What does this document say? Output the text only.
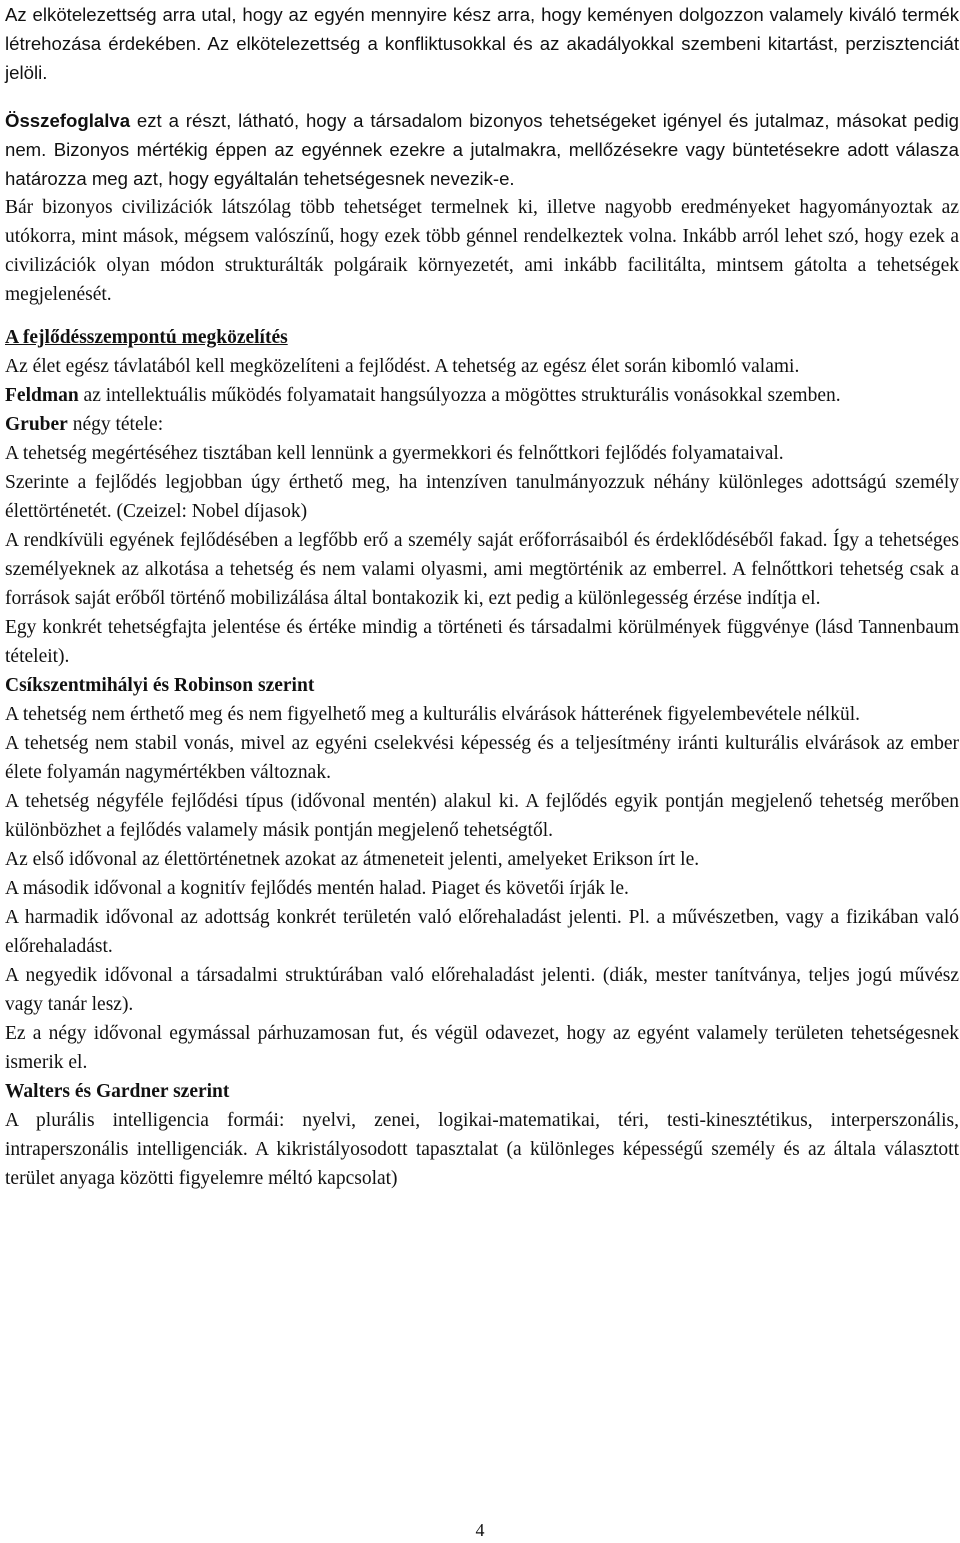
Az elkötelezettség arra utal, hogy az egyén mennyire kész arra, hogy keményen dolgozzon valamely kiváló termék létrehozása érdekében. Az elkötelezettség a konfliktusokkal és az akadályokkal szembeni kitartást, perzisztenciát jelöli.

Összefoglalva ezt a részt, látható, hogy a társadalom bizonyos tehetségeket igényel és jutalmaz, másokat pedig nem. Bizonyos mértékig éppen az egyénnek ezekre a jutalmakra, mellőzésekre vagy büntetésekre adott válasza határozza meg azt, hogy egyáltalán tehetségesnek nevezik-e.

Bár bizonyos civilizációk látszólag több tehetséget termelnek ki, illetve nagyobb eredményeket hagyományoztak az utókorra, mint mások, mégsem valószínű, hogy ezek több génnel rendelkeztek volna. Inkább arról lehet szó, hogy ezek a civilizációk olyan módon strukturálták polgáraik környezetét, ami inkább facilitálta, mintsem gátolta a tehetségek megjelenését.

A fejlődésszempontú megközelítés

Az élet egész távlatából kell megközelíteni a fejlődést. A tehetség az egész élet során kibomló valami.

Feldman az intellektuális működés folyamatait hangsúlyozza a mögöttes strukturális vonásokkal szemben.

Gruber négy tétele:

A tehetség megértéséhez tisztában kell lennünk a gyermekkori és felnőttkori fejlődés folyamataival.

Szerinte a fejlődés legjobban úgy érthető meg, ha intenzíven tanulmányozzuk néhány különleges adottságú személy élettörténetét. (Czeizel: Nobel díjasok)

A rendkívüli egyének fejlődésében a legfőbb erő a személy saját erőforrásaiból és érdeklődéséből fakad. Így a tehetséges személyeknek az alkotása a tehetség és nem valami olyasmi, ami megtörténik az emberrel. A felnőttkori tehetség csak a források saját erőből történő mobilizálása által bontakozik ki, ezt pedig a különlegesség érzése indítja el.

Egy konkrét tehetségfajta jelentése és értéke mindig a történeti és társadalmi körülmények függvénye (lásd Tannenbaum tételeit).

Csíkszentmihályi és Robinson szerint

A tehetség nem érthető meg és nem figyelhető meg a kulturális elvárások hátterének figyelembevétele nélkül.

A tehetség nem stabil vonás, mivel az egyéni cselekvési képesség és a teljesítmény iránti kulturális elvárások az ember élete folyamán nagymértékben változnak.

A tehetség négyféle fejlődési típus (idővonal mentén) alakul ki. A fejlődés egyik pontján megjelenő tehetség merőben különbözhet a fejlődés valamely másik pontján megjelenő tehetségtől.

Az első idővonal az élettörténetnek azokat az átmeneteit jelenti, amelyeket Erikson írt le.

A második idővonal a kognitív fejlődés mentén halad. Piaget és követői írják le.

A harmadik idővonal az adottság konkrét területén való előrehaladást jelenti. Pl. a művészetben, vagy a fizikában való előrehaladást.

A negyedik idővonal a társadalmi struktúrában való előrehaladást jelenti. (diák, mester tanítványa, teljes jogú művész vagy tanár lesz).

Ez a négy idővonal egymással párhuzamosan fut, és végül odavezet, hogy az egyént valamely területen tehetségesnek ismerik el.

Walters és Gardner szerint

A plurális intelligencia formái: nyelvi, zenei, logikai-matematikai, téri, testi-kinesztétikus, interperszonális, intraperszonális intelligenciák. A kikristályosodott tapasztalat (a különleges képességű személy és az általa választott terület anyaga közötti figyelemre méltó kapcsolat)

4
